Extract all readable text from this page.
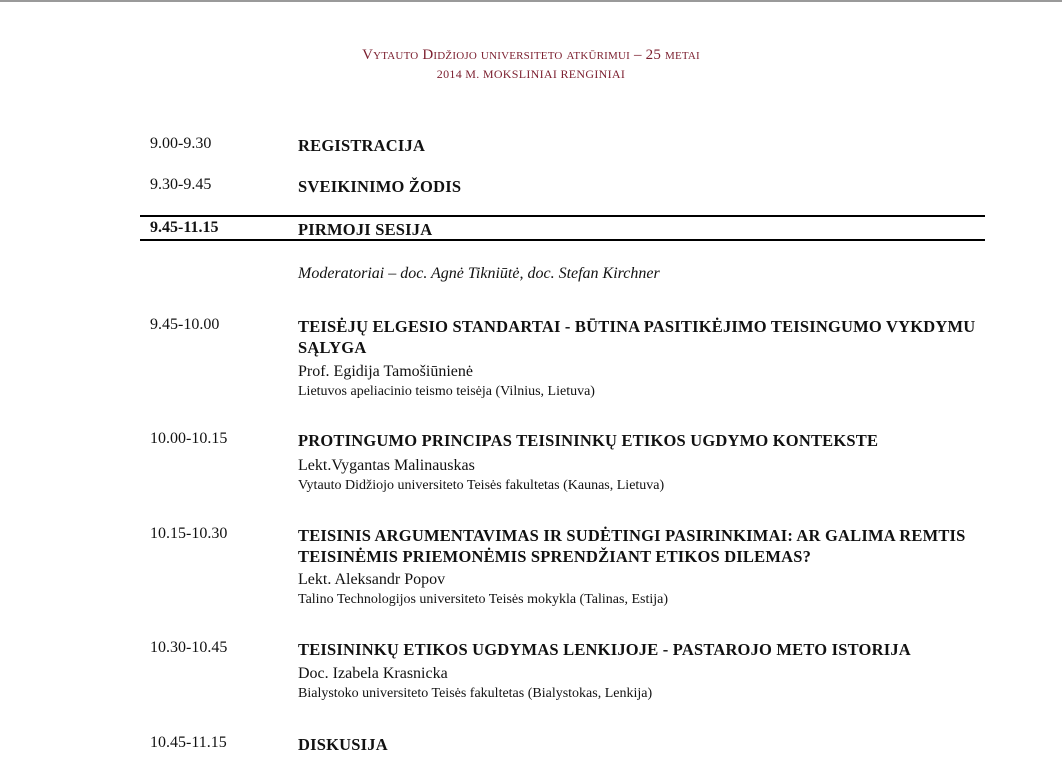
Vytauto Didžiojo universiteto atkūrimui – 25 metai
2014 M. MOKSLINIAI RENGINIAI
9.00-9.30	REGISTRACIJA
9.30-9.45	SVEIKINIMO ŽODIS
9.45-11.15	PIRMOJI SESIJA
Moderatoriai – doc. Agnė Tikniūtė, doc. Stefan Kirchner
9.45-10.00	TEISĖJŲ ELGESIO STANDARTAI - BŪTINA PASITIKĖJIMO TEISINGUMO VYKDYMU SĄLYGA
Prof. Egidija Tamošiūnienė
Lietuvos apeliacinio teismo teisėja (Vilnius, Lietuva)
10.00-10.15	PROTINGUMO PRINCIPAS TEISININKŲ ETIKOS UGDYMO KONTEKSTE
Lekt.Vygantas Malinauskas
Vytauto Didžiojo universiteto Teisės fakultetas (Kaunas, Lietuva)
10.15-10.30	TEISINIS ARGUMENTAVIMAS IR SUDĖTINGI PASIRINKIMAI: AR GALIMA REMTIS TEISINĖMIS PRIEMONĖMIS SPRENDŽIANT ETIKOS DILEMAS?
Lekt. Aleksandr Popov
Talino Technologijos universiteto Teisės mokykla (Talinas, Estija)
10.30-10.45	TEISININKŲ ETIKOS UGDYMAS LENKIJOJE - PASTAROJO METO ISTORIJA
Doc. Izabela Krasnicka
Bialystoko universiteto Teisės fakultetas (Bialystokas, Lenkija)
10.45-11.15	DISKUSIJA
